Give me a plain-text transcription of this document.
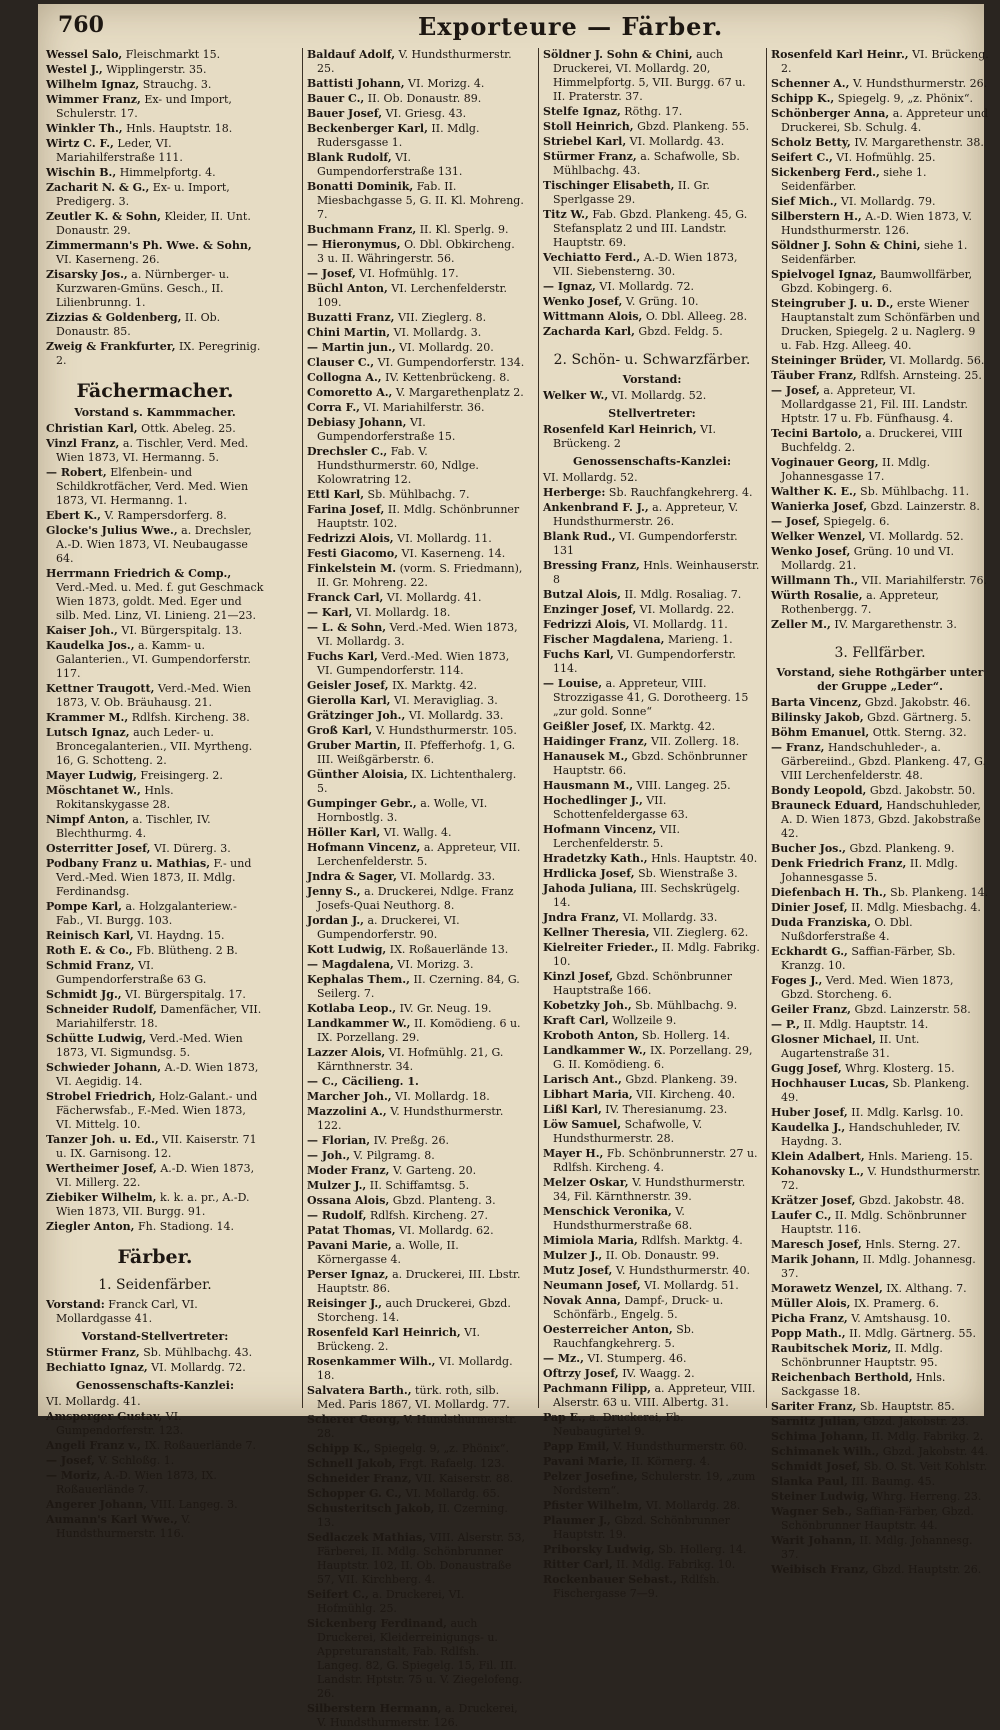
760	Exporteure — Färber.

Wessel Salo, Fleischmarkt 15.

Westel J., Wipplingerstr. 35.

Wilhelm Ignaz, Strauchg. 3.

Wimmer Franz, Ex- und Import, Schulerstr. 17.

Winkler Th., Hnls. Hauptstr. 18.

Wirtz C. F., Leder, VI. Mariahilferstraße 111.

Wischin B., Himmelpfortg. 4.

Zacharit N. & G., Ex- u. Import, Predigerg. 3.

Zeutler K. & Sohn, Kleider, II. Unt. Donaustr. 29.

Zimmermann's Ph. Wwe. & Sohn, VI. Kaserneng. 26.

Zisarsky Jos., a. Nürnberger- u. Kurzwaren-Gmüns. Gesch., II. Lilienbrunng. 1.

Zizzias & Goldenberg, II. Ob. Donaustr. 85.

Zweig & Frankfurter, IX. Peregrinig. 2.

Fächermacher.
Vorstand s. Kammmacher.

Christian Karl, Ottk. Abeleg. 25.

Vinzl Franz, a. Tischler, Verd. Med. Wien 1873, VI. Hermanng. 5.

— Robert, Elfenbein- und Schildkrotfächer, Verd. Med. Wien 1873, VI. Hermanng. 1.

Ebert K., V. Rampersdorferg. 8.

Glocke's Julius Wwe., a. Drechsler, A.-D. Wien 1873, VI. Neubaugasse 64.

Herrmann Friedrich & Comp., Verd.-Med. u. Med. f. gut Geschmack Wien 1873, goldt. Med. Eger und silb. Med. Linz, VI. Linieng. 21—23.

Kaiser Joh., VI. Bürgerspitalg. 13.

Kaudelka Jos., a. Kamm- u. Galanterien., VI. Gumpendorferstr. 117.

Kettner Traugott, Verd.-Med. Wien 1873, V. Ob. Bräuhausg. 21.

Krammer M., Rdlfsh. Kircheng. 38.

Lutsch Ignaz, auch Leder- u. Broncegalanterien., VII. Myrtheng. 16, G. Schotteng. 2.

Mayer Ludwig, Freisingerg. 2.

Möschtanet W., Hnls. Rokitanskygasse 28.

Nimpf Anton, a. Tischler, IV. Blechthurmg. 4.

Osterritter Josef, VI. Dürerg. 3.

Podbany Franz u. Mathias, F.- und Verd.-Med. Wien 1873, II. Mdlg. Ferdinandsg.

Pompe Karl, a. Holzgalanteriew.-Fab., VI. Burgg. 103.

Reinisch Karl, VI. Haydng. 15.

Roth E. & Co., Fb. Blütheng. 2 B.

Schmid Franz, VI. Gumpendorferstraße 63 G.

Schmidt Jg., VI. Bürgerspitalg. 17.

Schneider Rudolf, Damenfächer, VII. Mariahilferstr. 18.

Schütte Ludwig, Verd.-Med. Wien 1873, VI. Sigmundsg. 5.

Schwieder Johann, A.-D. Wien 1873, VI. Aegidig. 14.

Strobel Friedrich, Holz-Galant.- und Fächerwsfab., F.-Med. Wien 1873, VI. Mittelg. 10.

Tanzer Joh. u. Ed., VII. Kaiserstr. 71 u. IX. Garnisong. 12.

Wertheimer Josef, A.-D. Wien 1873, VI. Millerg. 22.

Ziebiker Wilhelm, k. k. a. pr., A.-D. Wien 1873, VII. Burgg. 91.

Ziegler Anton, Fh. Stadiong. 14.

Färber.
1. Seidenfärber.

Vorstand: Franck Carl, VI. Mollardgasse 41.

Vorstand-Stellvertreter:

Stürmer Franz, Sb. Mühlbachg. 43.

Bechiatto Ignaz, VI. Mollardg. 72.

Genossenschafts-Kanzlei:

VI. Mollardg. 41.

Amsperger Gustav, VI. Gumpendorferstr. 123.

Angeli Franz v., IX. Roßauerlände 7.

— Josef, V. Schloßg. 1.

— Moriz, A.-D. Wien 1873, IX. Roßauerlände 7.

Angerer Johann, VIII. Langeg. 3.

Aumann's Karl Wwe., V. Hundsthurmerstr. 116.

Baldauf Adolf, V. Hundsthurmerstr. 25.

Battisti Johann, VI. Morizg. 4.

Bauer C., II. Ob. Donaustr. 89.

Bauer Josef, VI. Griesg. 43.

Beckenberger Karl, II. Mdlg. Rudersgasse 1.

Blank Rudolf, VI. Gumpendorferstraße 131.

Bonatti Dominik, Fab. II. Miesbachgasse 5, G. II. Kl. Mohreng. 7.

Buchmann Franz, II. Kl. Sperlg. 9.

— Hieronymus, O. Dbl. Obkircheng. 3 u. II. Währingerstr. 56.

— Josef, VI. Hofmühlg. 17.

Büchl Anton, VI. Lerchenfelderstr. 109.

Buzatti Franz, VII. Zieglerg. 8.

Chini Martin, VI. Mollardg. 3.

— Martin jun., VI. Mollardg. 20.

Clauser C., VI. Gumpendorferstr. 134.

Collogna A., IV. Kettenbrückeng. 8.

Comoretto A., V. Margarethenplatz 2.

Corra F., VI. Mariahilferstr. 36.

Debiasy Johann, VI. Gumpendorferstraße 15.

Drechsler C., Fab. V. Hundsthurmerstr. 60, Ndlge. Kolowratring 12.

Ettl Karl, Sb. Mühlbachg. 7.

Farina Josef, II. Mdlg. Schönbrunner Hauptstr. 102.

Fedrizzi Alois, VI. Mollardg. 11.

Festi Giacomo, VI. Kaserneng. 14.

Finkelstein M. (vorm. S. Friedmann), II. Gr. Mohreng. 22.

Franck Carl, VI. Mollardg. 41.

— Karl, VI. Mollardg. 18.

— L. & Sohn, Verd.-Med. Wien 1873, VI. Mollardg. 3.

Fuchs Karl, Verd.-Med. Wien 1873, VI. Gumpendorferstr. 114.

Geisler Josef, IX. Marktg. 42.

Gierolla Karl, VI. Meravigliag. 3.

Grätzinger Joh., VI. Mollardg. 33.

Groß Karl, V. Hundsthurmerstr. 105.

Gruber Martin, II. Pfefferhofg. 1, G. III. Weißgärberstr. 6.

Günther Aloisia, IX. Lichtenthalerg. 5.

Gumpinger Gebr., a. Wolle, VI. Hornbostlg. 3.

Höller Karl, VI. Wallg. 4.

Hofmann Vincenz, a. Appreteur, VII. Lerchenfelderstr. 5.

Jndra & Sager, VI. Mollardg. 33.

Jenny S., a. Druckerei, Ndlge. Franz Josefs-Quai Neuthorg. 8.

Jordan J., a. Druckerei, VI. Gumpendorferstr. 90.

Kott Ludwig, IX. Roßauerlände 13.

— Magdalena, VI. Morizg. 3.

Kephalas Them., II. Czerning. 84, G. Seilerg. 7.

Kotlaba Leop., IV. Gr. Neug. 19.

Landkammer W., II. Komödieng. 6 u. IX. Porzellang. 29.

Lazzer Alois, VI. Hofmühlg. 21, G. Kärnthnerstr. 34.

— C., Cäcilieng. 1.

Marcher Joh., VI. Mollardg. 18.

Mazzolini A., V. Hundsthurmerstr. 122.

— Florian, IV. Preßg. 26.

— Joh., V. Pilgramg. 8.

Moder Franz, V. Garteng. 20.

Mulzer J., II. Schiffamtsg. 5.

Ossana Alois, Gbzd. Planteng. 3.

— Rudolf, Rdlfsh. Kircheng. 27.

Patat Thomas, VI. Mollardg. 62.

Pavani Marie, a. Wolle, II. Körnergasse 4.

Perser Ignaz, a. Druckerei, III. Lbstr. Hauptstr. 86.

Reisinger J., auch Druckerei, Gbzd. Storcheng. 14.

Rosenfeld Karl Heinrich, VI. Brückeng. 2.

Rosenkammer Wilh., VI. Mollardg. 18.

Salvatera Barth., türk. roth, silb. Med. Paris 1867, VI. Mollardg. 77.

Scherer Georg, V. Hundsthurmerstr. 28.

Schipp K., Spiegelg. 9, „z. Phönix“.

Schnell Jakob, Frgt. Rafaelg. 123.

Schneider Franz, VII. Kaiserstr. 88.

Schopper G. C., VI. Mollardg. 65.

Schusteritsch Jakob, II. Czerning. 13.

Sedlaczek Mathias, VIII. Alserstr. 53, Färberei, II. Mdlg. Schönbrunner Hauptstr. 102, II. Ob. Donaustraße 57, VII. Kirchberg. 4.

Seifert C., a. Druckerei, VI. Hofmühlg. 25.

Sickenberg Ferdinand, auch Druckerei, Kleiderreinigungs- u. Appreturanstalt, Fab. Rdlfsh. Langeg. 82, G. Spiegelg. 15, Fil. III. Landstr. Hptstr. 75 u. V. Ziegelofeng. 26.

Silberstern Hermann, a. Druckerei, V. Hundsthurmerstr. 126.

Söldner J. Sohn & Chini, auch Druckerei, VI. Mollardg. 20, Himmelpfortg. 5, VII. Burgg. 67 u. II. Praterstr. 37.

Stelfe Ignaz, Röthg. 17.

Stoll Heinrich, Gbzd. Plankeng. 55.

Striebel Karl, VI. Mollardg. 43.

Stürmer Franz, a. Schafwolle, Sb. Mühlbachg. 43.

Tischinger Elisabeth, II. Gr. Sperlgasse 29.

Titz W., Fab. Gbzd. Plankeng. 45, G. Stefansplatz 2 und III. Landstr. Hauptstr. 69.

Vechiatto Ferd., A.-D. Wien 1873, VII. Siebensterng. 30.

— Ignaz, VI. Mollardg. 72.

Wenko Josef, V. Grüng. 10.

Wittmann Alois, O. Dbl. Alleeg. 28.

Zacharda Karl, Gbzd. Feldg. 5.

2. Schön- u. Schwarzfärber.
Vorstand:

Welker W., VI. Mollardg. 52.

Stellvertreter:

Rosenfeld Karl Heinrich, VI. Brückeng. 2

Genossenschafts-Kanzlei:

VI. Mollardg. 52.

Herberge: Sb. Rauchfangkehrerg. 4.

Ankenbrand F. J., a. Appreteur, V. Hundsthurmerstr. 26.

Blank Rud., VI. Gumpendorferstr. 131

Bressing Franz, Hnls. Weinhauserstr. 8

Butzal Alois, II. Mdlg. Rosaliag. 7.

Enzinger Josef, VI. Mollardg. 22.

Fedrizzi Alois, VI. Mollardg. 11.

Fischer Magdalena, Marieng. 1.

Fuchs Karl, VI. Gumpendorferstr. 114.

— Louise, a. Appreteur, VIII. Strozzigasse 41, G. Dorotheerg. 15 „zur gold. Sonne“

Geißler Josef, IX. Marktg. 42.

Haidinger Franz, VII. Zollerg. 18.

Hanausek M., Gbzd. Schönbrunner Hauptstr. 66.

Hausmann M., VIII. Langeg. 25.

Hochedlinger J., VII. Schottenfeldergasse 63.

Hofmann Vincenz, VII. Lerchenfelderstr. 5.

Hradetzky Kath., Hnls. Hauptstr. 40.

Hrdlicka Josef, Sb. Wienstraße 3.

Jahoda Juliana, III. Sechskrügelg. 14.

Jndra Franz, VI. Mollardg. 33.

Kellner Theresia, VII. Zieglerg. 62.

Kielreiter Frieder., II. Mdlg. Fabrikg. 10.

Kinzl Josef, Gbzd. Schönbrunner Hauptstraße 166.

Kobetzky Joh., Sb. Mühlbachg. 9.

Kraft Carl, Wollzeile 9.

Kroboth Anton, Sb. Hollerg. 14.

Landkammer W., IX. Porzellang. 29, G. II. Komödieng. 6.

Larisch Ant., Gbzd. Plankeng. 39.

Libhart Maria, VII. Kircheng. 40.

Lißl Karl, IV. Theresianumg. 23.

Löw Samuel, Schafwolle, V. Hundsthurmerstr. 28.

Mayer H., Fb. Schönbrunnerstr. 27 u. Rdlfsh. Kircheng. 4.

Melzer Oskar, V. Hundsthurmerstr. 34, Fil. Kärnthnerstr. 39.

Menschick Veronika, V. Hundsthurmerstraße 68.

Mimiola Maria, Rdlfsh. Marktg. 4.

Mulzer J., II. Ob. Donaustr. 99.

Mutz Josef, V. Hundsthurmerstr. 40.

Neumann Josef, VI. Mollardg. 51.

Novak Anna, Dampf-, Druck- u. Schönfärb., Engelg. 5.

Oesterreicher Anton, Sb. Rauchfangkehrerg. 5.

— Mz., VI. Stumperg. 46.

Oftrzy Josef, IV. Waagg. 2.

Pachmann Filipp, a. Appreteur, VIII. Alserstr. 63 u. VIII. Albertg. 31.

Pap E., a. Druckerei, Fb. Neubaugürtel 9.

Papp Emil, V. Hundsthurmerstr. 60.

Pavani Marie, II. Körnerg. 4.

Pelzer Josefine, Schulerstr. 19, „zum Nordstern“.

Pfister Wilhelm, VI. Mollardg. 28.

Plaumer J., Gbzd. Schönbrunner Hauptstr. 19.

Priborsky Ludwig, Sb. Hollerg. 14.

Ritter Carl, II. Mdlg. Fabrikg. 10.

Rockenbauer Sebast., Rdlfsh. Fischergasse 7—9.

Rosenfeld Karl Heinr., VI. Brückeng. 2.

Schenner A., V. Hundsthurmerstr. 26.

Schipp K., Spiegelg. 9, „z. Phönix“.

Schönberger Anna, a. Appreteur und Druckerei, Sb. Schulg. 4.

Scholz Betty, IV. Margarethenstr. 38.

Seifert C., VI. Hofmühlg. 25.

Sickenberg Ferd., siehe 1. Seidenfärber.

Sief Mich., VI. Mollardg. 79.

Silberstern H., A.-D. Wien 1873, V. Hundsthurmerstr. 126.

Söldner J. Sohn & Chini, siehe 1. Seidenfärber.

Spielvogel Ignaz, Baumwollfärber, Gbzd. Kobingerg. 6.

Steingruber J. u. D., erste Wiener Hauptanstalt zum Schönfärben und Drucken, Spiegelg. 2 u. Naglerg. 9 u. Fab. Hzg. Alleeg. 40.

Steininger Brüder, VI. Mollardg. 56.

Täuber Franz, Rdlfsh. Arnsteing. 25.

— Josef, a. Appreteur, VI. Mollardgasse 21, Fil. III. Landstr. Hptstr. 17 u. Fb. Fünfhausg. 4.

Tecini Bartolo, a. Druckerei, VIII Buchfeldg. 2.

Voginauer Georg, II. Mdlg. Johannesgasse 17.

Walther K. E., Sb. Mühlbachg. 11.

Wanierka Josef, Gbzd. Lainzerstr. 8.

— Josef, Spiegelg. 6.

Welker Wenzel, VI. Mollardg. 52.

Wenko Josef, Grüng. 10 und VI. Mollardg. 21.

Willmann Th., VII. Mariahilferstr. 76.

Würth Rosalie, a. Appreteur, Rothenbergg. 7.

Zeller M., IV. Margarethenstr. 3.

3. Fellfärber.
Vorstand, siehe Rothgärber unter der Gruppe „Leder“.

Barta Vincenz, Gbzd. Jakobstr. 46.

Bilinsky Jakob, Gbzd. Gärtnerg. 5.

Böhm Emanuel, Ottk. Sterng. 32.

— Franz, Handschuhleder-, a. Gärbereiind., Gbzd. Plankeng. 47, G. VIII Lerchenfelderstr. 48.

Bondy Leopold, Gbzd. Jakobstr. 50.

Brauneck Eduard, Handschuhleder, A. D. Wien 1873, Gbzd. Jakobstraße 42.

Bucher Jos., Gbzd. Plankeng. 9.

Denk Friedrich Franz, II. Mdlg. Johannesgasse 5.

Diefenbach H. Th., Sb. Plankeng. 14.

Dinier Josef, II. Mdlg. Miesbachg. 4.

Duda Franziska, O. Dbl. Nußdorferstraße 4.

Eckhardt G., Saffian-Färber, Sb. Kranzg. 10.

Foges J., Verd. Med. Wien 1873, Gbzd. Storcheng. 6.

Geiler Franz, Gbzd. Lainzerstr. 58.

— P., II. Mdlg. Hauptstr. 14.

Glosner Michael, II. Unt. Augartenstraße 31.

Gugg Josef, Whrg. Klosterg. 15.

Hochhauser Lucas, Sb. Plankeng. 49.

Huber Josef, II. Mdlg. Karlsg. 10.

Kaudelka J., Handschuhleder, IV. Haydng. 3.

Klein Adalbert, Hnls. Marieng. 15.

Kohanovsky L., V. Hundsthurmerstr. 72.

Krätzer Josef, Gbzd. Jakobstr. 48.

Laufer C., II. Mdlg. Schönbrunner Hauptstr. 116.

Maresch Josef, Hnls. Sterng. 27.

Marik Johann, II. Mdlg. Johannesg. 37.

Morawetz Wenzel, IX. Althang. 7.

Müller Alois, IX. Pramerg. 6.

Picha Franz, V. Amtshausg. 10.

Popp Math., II. Mdlg. Gärtnerg. 55.

Raubitschek Moriz, II. Mdlg. Schönbrunner Hauptstr. 95.

Reichenbach Berthold, Hnls. Sackgasse 18.

Sariter Franz, Sb. Hauptstr. 85.

Sarnitz Julian, Gbzd. Jakobstr. 23.

Schima Johann, II. Mdlg. Fabrikg. 2.

Schimanek Wilh., Gbzd. Jakobstr. 44.

Schmidt Josef, Sb. O. St. Veit Kohlstr.

Slanka Paul, III. Baumg. 45.

Steiner Ludwig, Whrg. Herreng. 23.

Wagner Seb., Saffian-Färber, Gbzd. Schönbrunner Hauptstr. 44.

Warit Johann, II. Mdlg. Johannesg. 37.

Weibisch Franz, Gbzd. Hauptstr. 26.
